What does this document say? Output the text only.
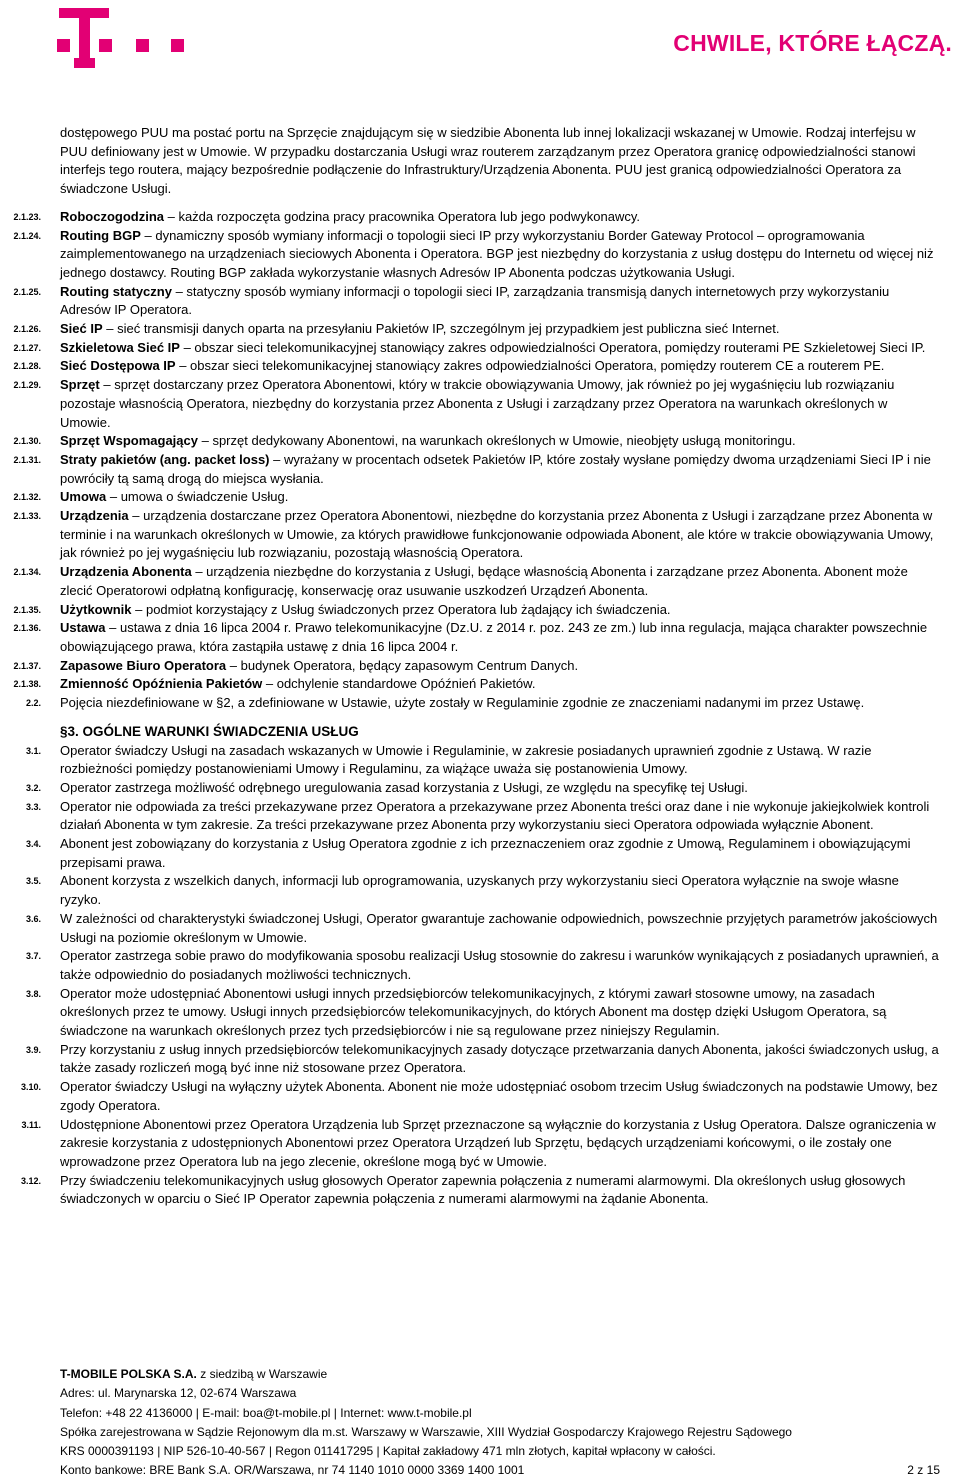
CHWILE, KTÓRE ŁĄCZĄ.
dostępowego PUU ma postać portu na Sprzęcie znajdującym się w siedzibie Abonenta lub innej lokalizacji wskazanej w Umowie. Rodzaj interfejsu w PUU definiowany jest w Umowie. W przypadku dostarczania Usługi wraz routerem zarządzanym przez Operatora granicę odpowiedzialności stanowi interfejs tego routera, mający bezpośrednie podłączenie do Infrastruktury/Urządzenia Abonenta. PUU jest granicą odpowiedzialności Operatora za świadczone Usługi.
2.1.23.	Roboczogodzina – każda rozpoczęta godzina pracy pracownika Operatora lub jego podwykonawcy.
2.1.24.	Routing BGP – dynamiczny sposób wymiany informacji o topologii sieci IP przy wykorzystaniu Border Gateway Protocol – oprogramowania zaimplementowanego na urządzeniach sieciowych Abonenta i Operatora. BGP jest niezbędny do korzystania z usług dostępu do Internetu od więcej niż jednego dostawcy. Routing BGP zakłada wykorzystanie własnych Adresów IP Abonenta podczas użytkowania Usługi.
2.1.25.	Routing statyczny – statyczny sposób wymiany informacji o topologii sieci IP, zarządzania transmisją danych internetowych przy wykorzystaniu Adresów IP Operatora.
2.1.26.	Sieć IP – sieć transmisji danych oparta na przesyłaniu Pakietów IP, szczególnym jej przypadkiem jest publiczna sieć Internet.
2.1.27.	Szkieletowa Sieć IP – obszar sieci telekomunikacyjnej stanowiący zakres odpowiedzialności Operatora, pomiędzy routerami PE Szkieletowej Sieci IP.
2.1.28.	Sieć Dostępowa IP – obszar sieci telekomunikacyjnej stanowiący zakres odpowiedzialności Operatora, pomiędzy routerem CE a routerem PE.
2.1.29.	Sprzęt – sprzęt dostarczany przez Operatora Abonentowi, który w trakcie obowiązywania Umowy, jak również po jej wygaśnięciu lub rozwiązaniu pozostaje własnością Operatora, niezbędny do korzystania przez Abonenta z Usługi i zarządzany przez Operatora na warunkach określonych w Umowie.
2.1.30.	Sprzęt Wspomagający – sprzęt dedykowany Abonentowi, na warunkach określonych w Umowie, nieobjęty usługą monitoringu.
2.1.31.	Straty pakietów (ang. packet loss) – wyrażany w procentach odsetek Pakietów IP, które zostały wysłane pomiędzy dwoma urządzeniami Sieci IP i nie powróciły tą samą drogą do miejsca wysłania.
2.1.32.	Umowa – umowa o świadczenie Usług.
2.1.33.	Urządzenia – urządzenia dostarczane przez Operatora Abonentowi, niezbędne do korzystania przez Abonenta z Usługi i zarządzane przez Abonenta w terminie i na warunkach określonych w Umowie, za których prawidłowe funkcjonowanie odpowiada Abonent, ale które w trakcie obowiązywania Umowy, jak również po jej wygaśnięciu lub rozwiązaniu, pozostają własnością Operatora.
2.1.34.	Urządzenia Abonenta – urządzenia niezbędne do korzystania z Usługi, będące własnością Abonenta i zarządzane przez Abonenta. Abonent może zlecić Operatorowi odpłatną konfigurację, konserwację oraz usuwanie uszkodzeń Urządzeń Abonenta.
2.1.35.	Użytkownik – podmiot korzystający z Usług świadczonych przez Operatora lub żądający ich świadczenia.
2.1.36.	Ustawa – ustawa z dnia 16 lipca 2004 r. Prawo telekomunikacyjne (Dz.U. z 2014 r. poz. 243 ze zm.) lub inna regulacja, mająca charakter powszechnie obowiązującego prawa, która zastąpiła ustawę z dnia 16 lipca 2004 r.
2.1.37.	Zapasowe Biuro Operatora – budynek Operatora, będący zapasowym Centrum Danych.
2.1.38.	Zmienność Opóźnienia Pakietów – odchylenie standardowe Opóźnień Pakietów.
2.2.	Pojęcia niezdefiniowane w §2, a zdefiniowane w Ustawie, użyte zostały w Regulaminie zgodnie ze znaczeniami nadanymi im przez Ustawę.
§3. OGÓLNE WARUNKI ŚWIADCZENIA USŁUG
3.1.	Operator świadczy Usługi na zasadach wskazanych w Umowie i Regulaminie, w zakresie posiadanych uprawnień zgodnie z Ustawą. W razie rozbieżności pomiędzy postanowieniami Umowy i Regulaminu, za wiążące uważa się postanowienia Umowy.
3.2.	Operator zastrzega możliwość odrębnego uregulowania zasad korzystania z Usługi, ze względu na specyfikę tej Usługi.
3.3.	Operator nie odpowiada za treści przekazywane przez Operatora a przekazywane przez Abonenta treści oraz dane i nie wykonuje jakiejkolwiek kontroli działań Abonenta w tym zakresie. Za treści przekazywane przez Abonenta przy wykorzystaniu sieci Operatora odpowiada wyłącznie Abonent.
3.4.	Abonent jest zobowiązany do korzystania z Usług Operatora zgodnie z ich przeznaczeniem oraz zgodnie z Umową, Regulaminem i obowiązującymi przepisami prawa.
3.5.	Abonent korzysta z wszelkich danych, informacji lub oprogramowania, uzyskanych przy wykorzystaniu sieci Operatora wyłącznie na swoje własne ryzyko.
3.6.	W zależności od charakterystyki świadczonej Usługi, Operator gwarantuje zachowanie odpowiednich, powszechnie przyjętych parametrów jakościowych Usługi na poziomie określonym w Umowie.
3.7.	Operator zastrzega sobie prawo do modyfikowania sposobu realizacji Usług stosownie do zakresu i warunków wynikających z posiadanych uprawnień, a także odpowiednio do posiadanych możliwości technicznych.
3.8.	Operator może udostępniać Abonentowi usługi innych przedsiębiorców telekomunikacyjnych, z którymi zawarł stosowne umowy, na zasadach określonych przez te umowy. Usługi innych przedsiębiorców telekomunikacyjnych, do których Abonent ma dostęp dzięki Usługom Operatora, są świadczone na warunkach określonych przez tych przedsiębiorców i nie są regulowane przez niniejszy Regulamin.
3.9.	Przy korzystaniu z usług innych przedsiębiorców telekomunikacyjnych zasady dotyczące przetwarzania danych Abonenta, jakości świadczonych usług, a także zasady rozliczeń mogą być inne niż stosowane przez Operatora.
3.10.	Operator świadczy Usługi na wyłączny użytek Abonenta. Abonent nie może udostępniać osobom trzecim Usług świadczonych na podstawie Umowy, bez zgody Operatora.
3.11.	Udostępnione Abonentowi przez Operatora Urządzenia lub Sprzęt przeznaczone są wyłącznie do korzystania z Usług Operatora. Dalsze ograniczenia w zakresie korzystania z udostępnionych Abonentowi przez Operatora Urządzeń lub Sprzętu, będących urządzeniami końcowymi, o ile zostały one wprowadzone przez Operatora lub na jego zlecenie, określone mogą być w Umowie.
3.12.	Przy świadczeniu telekomunikacyjnych usług głosowych Operator zapewnia połączenia z numerami alarmowymi. Dla określonych usług głosowych świadczonych w oparciu o Sieć IP Operator zapewnia połączenia z numerami alarmowymi na żądanie Abonenta.
T-MOBILE POLSKA S.A. z siedzibą w Warszawie
Adres: ul. Marynarska 12, 02-674 Warszawa
Telefon: +48 22 4136000 | E-mail: boa@t-mobile.pl | Internet: www.t-mobile.pl
Spółka zarejestrowana w Sądzie Rejonowym dla m.st. Warszawy w Warszawie, XIII Wydział Gospodarczy Krajowego Rejestru Sądowego
KRS 0000391193 | NIP 526-10-40-567 | Regon 011417295 | Kapitał zakładowy 471 mln złotych, kapitał wpłacony w całości.
Konto bankowe: BRE Bank S.A. OR/Warszawa, nr 74 1140 1010 0000 3369 1400 1001	2 z 15
